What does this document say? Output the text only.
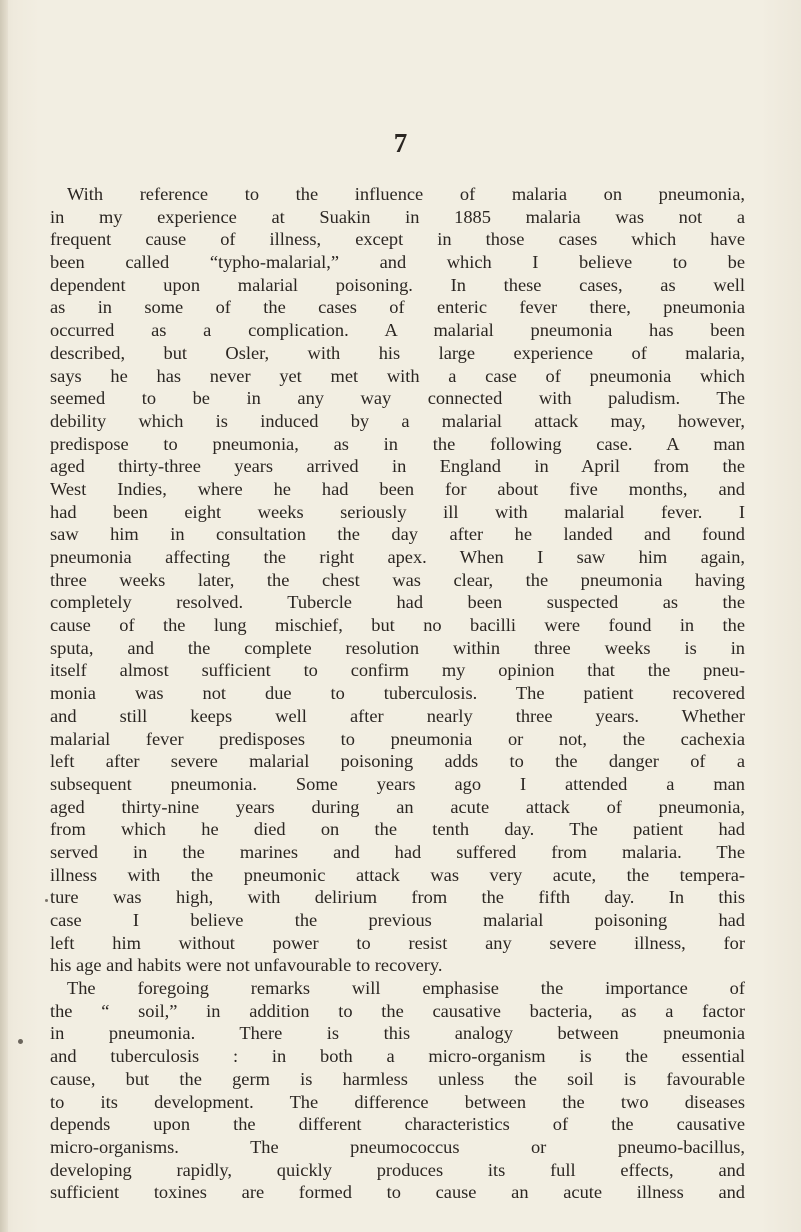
7
With reference to the influence of malaria on pneumonia,
in my experience at Suakin in 1885 malaria was not a
frequent cause of illness, except in those cases which have
been called “typho-malarial,” and which I believe to be
dependent upon malarial poisoning. In these cases, as well
as in some of the cases of enteric fever there, pneumonia
occurred as a complication. A malarial pneumonia has been
described, but Osler, with his large experience of malaria,
says he has never yet met with a case of pneumonia which
seemed to be in any way connected with paludism. The
debility which is induced by a malarial attack may, however,
predispose to pneumonia, as in the following case. A man
aged thirty-three years arrived in England in April from the
West Indies, where he had been for about five months, and
had been eight weeks seriously ill with malarial fever. I
saw him in consultation the day after he landed and found
pneumonia affecting the right apex. When I saw him again,
three weeks later, the chest was clear, the pneumonia having
completely resolved. Tubercle had been suspected as the
cause of the lung mischief, but no bacilli were found in the
sputa, and the complete resolution within three weeks is in
itself almost sufficient to confirm my opinion that the pneu-
monia was not due to tuberculosis. The patient recovered
and still keeps well after nearly three years. Whether
malarial fever predisposes to pneumonia or not, the cachexia
left after severe malarial poisoning adds to the danger of a
subsequent pneumonia. Some years ago I attended a man
aged thirty-nine years during an acute attack of pneumonia,
from which he died on the tenth day. The patient had
served in the marines and had suffered from malaria. The
illness with the pneumonic attack was very acute, the tempera-
ture was high, with delirium from the fifth day. In this
case I believe the previous malarial poisoning had
left him without power to resist any severe illness, for
his age and habits were not unfavourable to recovery.
The foregoing remarks will emphasise the importance of
the “ soil,” in addition to the causative bacteria, as a factor
in pneumonia. There is this analogy between pneumonia
and tuberculosis : in both a micro-organism is the essential
cause, but the germ is harmless unless the soil is favourable
to its development. The difference between the two diseases
depends upon the different characteristics of the causative
micro-organisms. The pneumococcus or pneumo-bacillus,
developing rapidly, quickly produces its full effects, and
sufficient toxines are formed to cause an acute illness and
